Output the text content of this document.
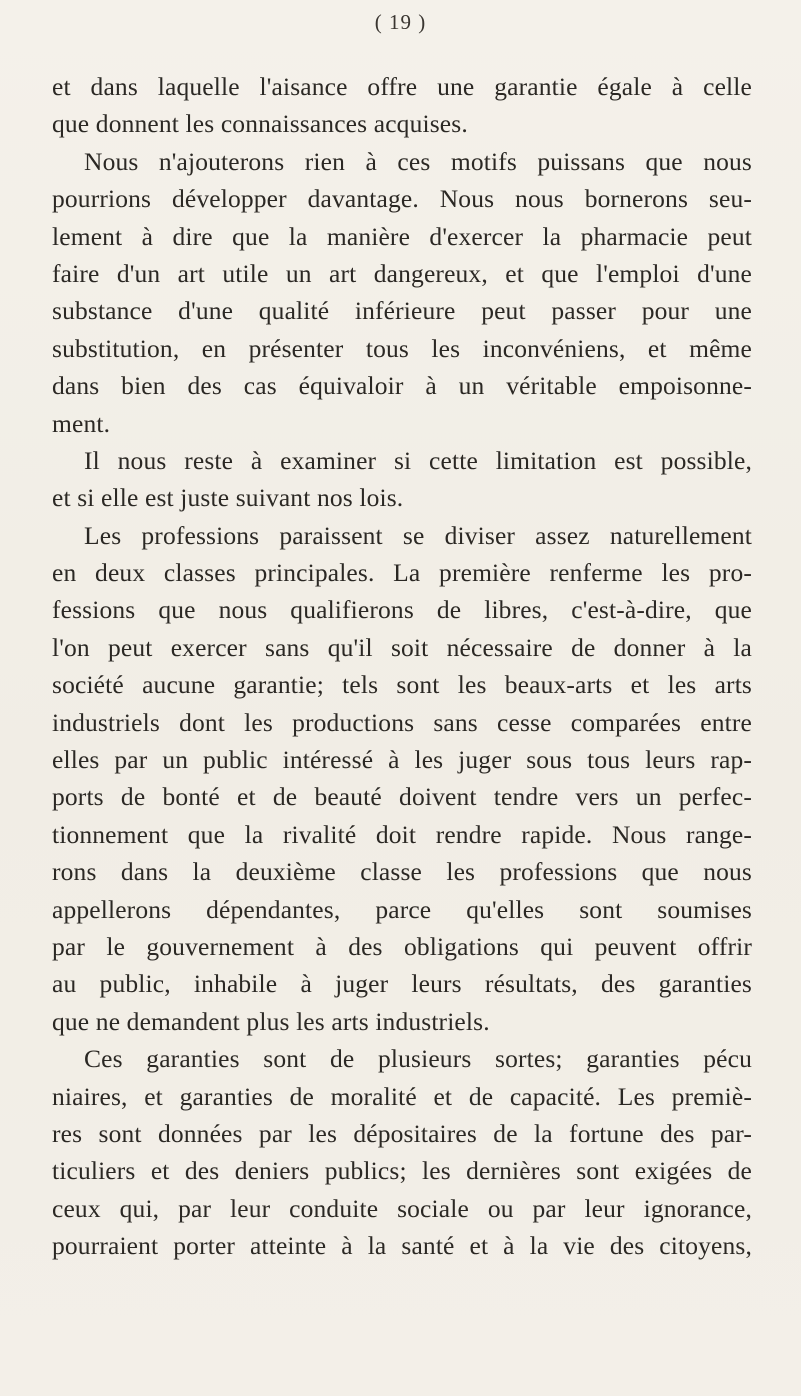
( 19 )
et dans laquelle l'aisance offre une garantie égale à celle
que donnent les connaissances acquises.
Nous n'ajouterons rien à ces motifs puissans que nous
pourrions développer davantage. Nous nous bornerons seu-
lement à dire que la manière d'exercer la pharmacie peut
faire d'un art utile un art dangereux, et que l'emploi d'une
substance d'une qualité inférieure peut passer pour une
substitution, en présenter tous les inconvéniens, et même
dans bien des cas équivaloir à un véritable empoisonne-
ment.
Il nous reste à examiner si cette limitation est possible,
et si elle est juste suivant nos lois.
Les professions paraissent se diviser assez naturellement
en deux classes principales. La première renferme les pro-
fessions que nous qualifierons de libres, c'est-à-dire, que
l'on peut exercer sans qu'il soit nécessaire de donner à la
société aucune garantie; tels sont les beaux-arts et les arts
industriels dont les productions sans cesse comparées entre
elles par un public intéressé à les juger sous tous leurs rap-
ports de bonté et de beauté doivent tendre vers un perfec-
tionnement que la rivalité doit rendre rapide. Nous range-
rons dans la deuxième classe les professions que nous
appellerons dépendantes, parce qu'elles sont soumises
par le gouvernement à des obligations qui peuvent offrir
au public, inhabile à juger leurs résultats, des garanties
que ne demandent plus les arts industriels.
Ces garanties sont de plusieurs sortes; garanties pécu
niaires, et garanties de moralité et de capacité. Les premiè-
res sont données par les dépositaires de la fortune des par-
ticuliers et des deniers publics; les dernières sont exigées de
ceux qui, par leur conduite sociale ou par leur ignorance,
pourraient porter atteinte à la santé et à la vie des citoyens,
